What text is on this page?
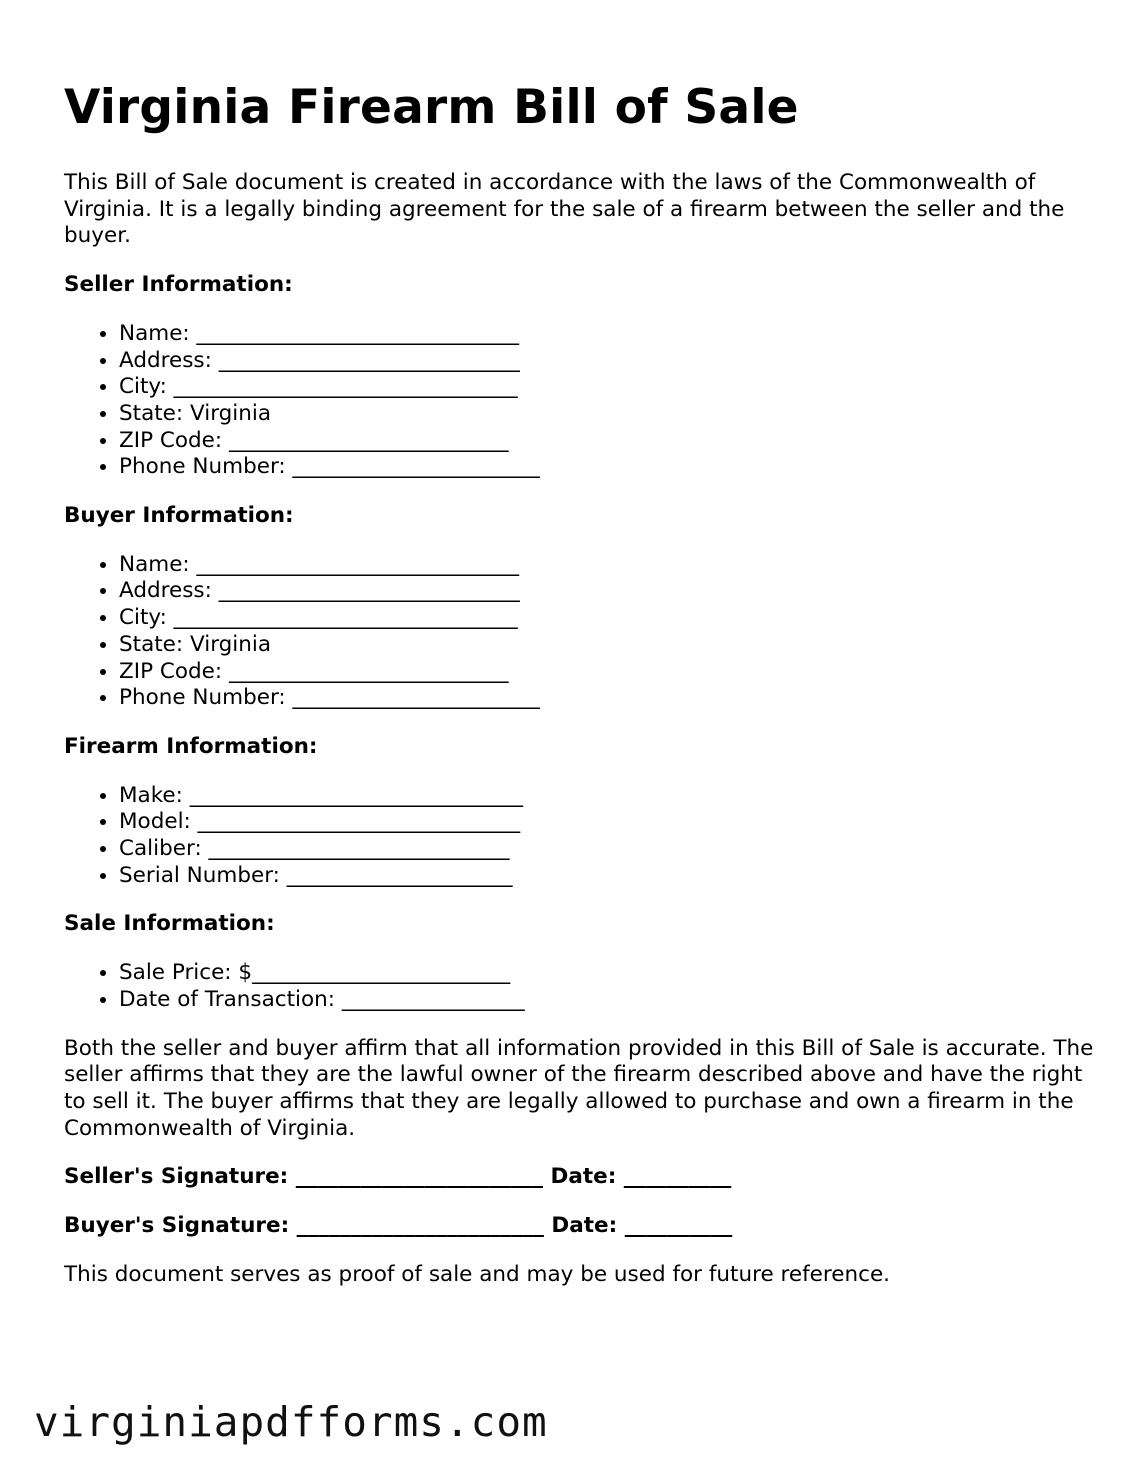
Virginia Firearm Bill of Sale

This Bill of Sale document is created in accordance with the laws of the Commonwealth of Virginia. It is a legally binding agreement for the sale of a firearm between the seller and the buyer.

Seller Information:
• Name: ______________________________
• Address: ____________________________
• City: ________________________________
• State: Virginia
• ZIP Code: __________________________
• Phone Number: _______________________
Buyer Information:
• Name: ______________________________
• Address: ____________________________
• City: ________________________________
• State: Virginia
• ZIP Code: __________________________
• Phone Number: _______________________
Firearm Information:
• Make: _______________________________
• Model: ______________________________
• Caliber: ____________________________
• Serial Number: _____________________
Sale Information:
• Sale Price: $________________________
• Date of Transaction: _________________

Both the seller and buyer affirm that all information provided in this Bill of Sale is accurate. The seller affirms that they are the lawful owner of the firearm described above and have the right to sell it. The buyer affirms that they are legally allowed to purchase and own a firearm in the Commonwealth of Virginia.

Seller's Signature: _______________________ Date: __________
Buyer's Signature: _______________________ Date: __________

This document serves as proof of sale and may be used for future reference.

virginiapdfforms.com
